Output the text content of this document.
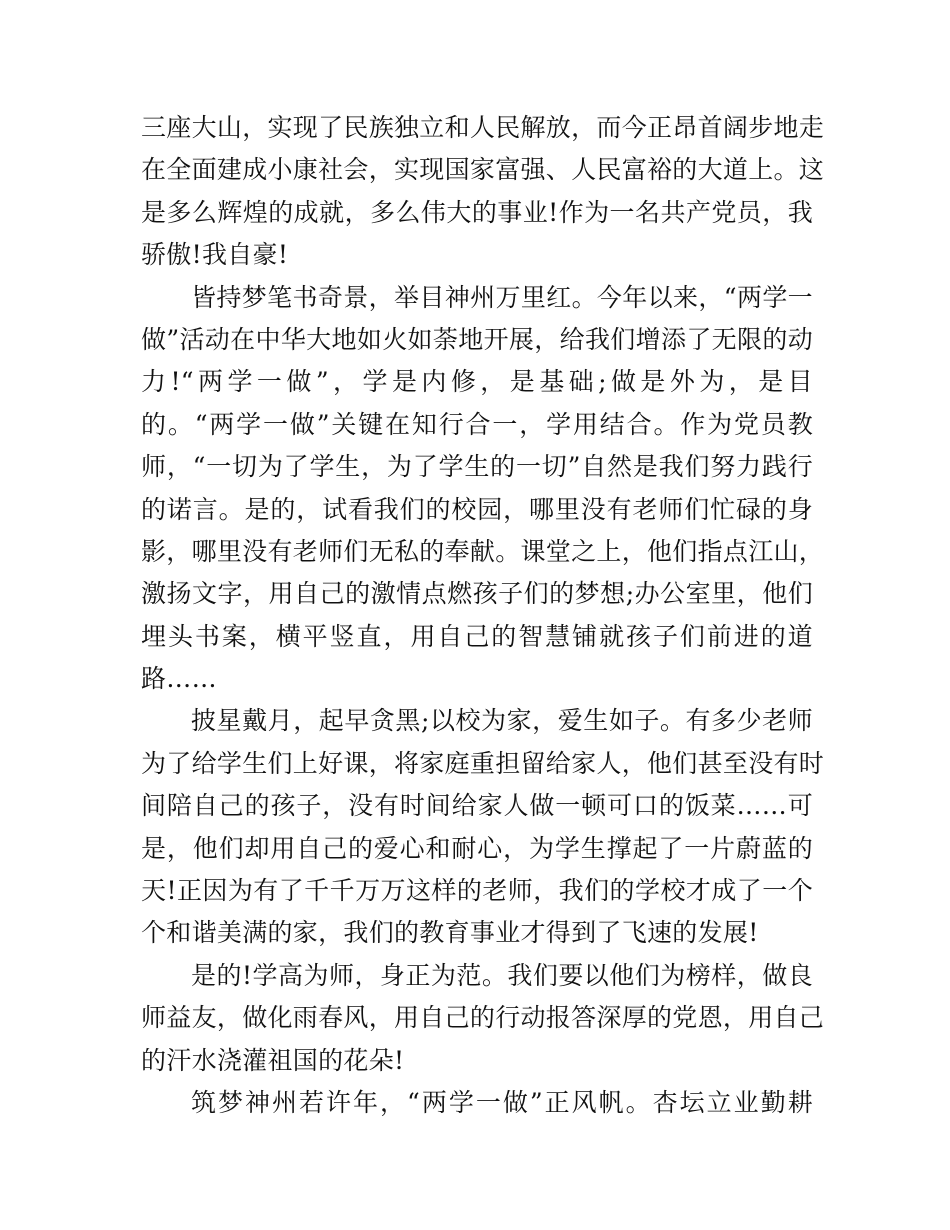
三座大山，实现了民族独立和人民解放，而今正昂首阔步地走
在全面建成小康社会，实现国家富强、人民富裕的大道上。这
是多么辉煌的成就，多么伟大的事业!作为一名共产党员，我
骄傲!我自豪!
皆持梦笔书奇景，举目神州万里红。今年以来，“两学一
做”活动在中华大地如火如荼地开展，给我们增添了无限的动
力!“两学一做”，学是内修，是基础;做是外为，是目
的。“两学一做”关键在知行合一，学用结合。作为党员教
师，“一切为了学生，为了学生的一切”自然是我们努力践行
的诺言。是的，试看我们的校园，哪里没有老师们忙碌的身
影，哪里没有老师们无私的奉献。课堂之上，他们指点江山，
激扬文字，用自己的激情点燃孩子们的梦想;办公室里，他们
埋头书案，横平竖直，用自己的智慧铺就孩子们前进的道
路……
披星戴月，起早贪黑;以校为家，爱生如子。有多少老师
为了给学生们上好课，将家庭重担留给家人，他们甚至没有时
间陪自己的孩子，没有时间给家人做一顿可口的饭菜……可
是，他们却用自己的爱心和耐心，为学生撑起了一片蔚蓝的
天!正因为有了千千万万这样的老师，我们的学校才成了一个
个和谐美满的家，我们的教育事业才得到了飞速的发展!
是的!学高为师，身正为范。我们要以他们为榜样，做良
师益友，做化雨春风，用自己的行动报答深厚的党恩，用自己
的汗水浇灌祖国的花朵!
筑梦神州若许年，“两学一做”正风帆。杏坛立业勤耕
